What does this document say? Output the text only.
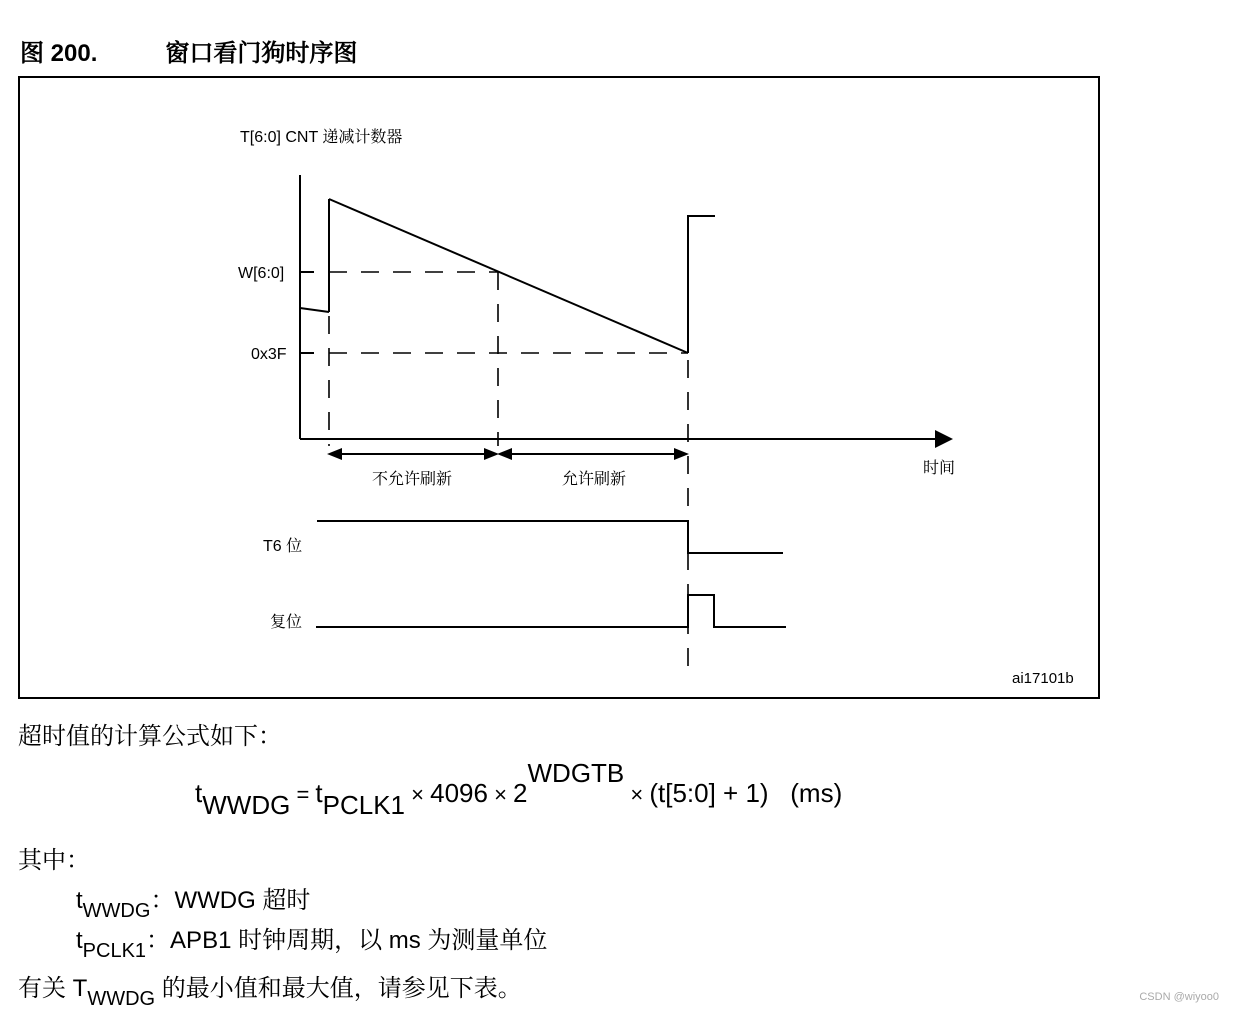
图 200.	窗口看门狗时序图
T[6:0] CNT 递减计数器
W[6:0]
0x3F
时间
不允许刷新	允许刷新
T6 位
复位
ai17101b
超时值的计算公式如下：
tWWDG = tPCLK1 × 4096 × 2WDGTB × (t[5:0] + 1)   (ms)
其中：
$t_{WWDG}$：WWDG 超时
$t_{PCLK1}$：APB1 时钟周期，以 ms 为测量单位
有关 $T_{WWDG}$ 的最小值和最大值，请参见下表。	CSDN @wiyoo0
